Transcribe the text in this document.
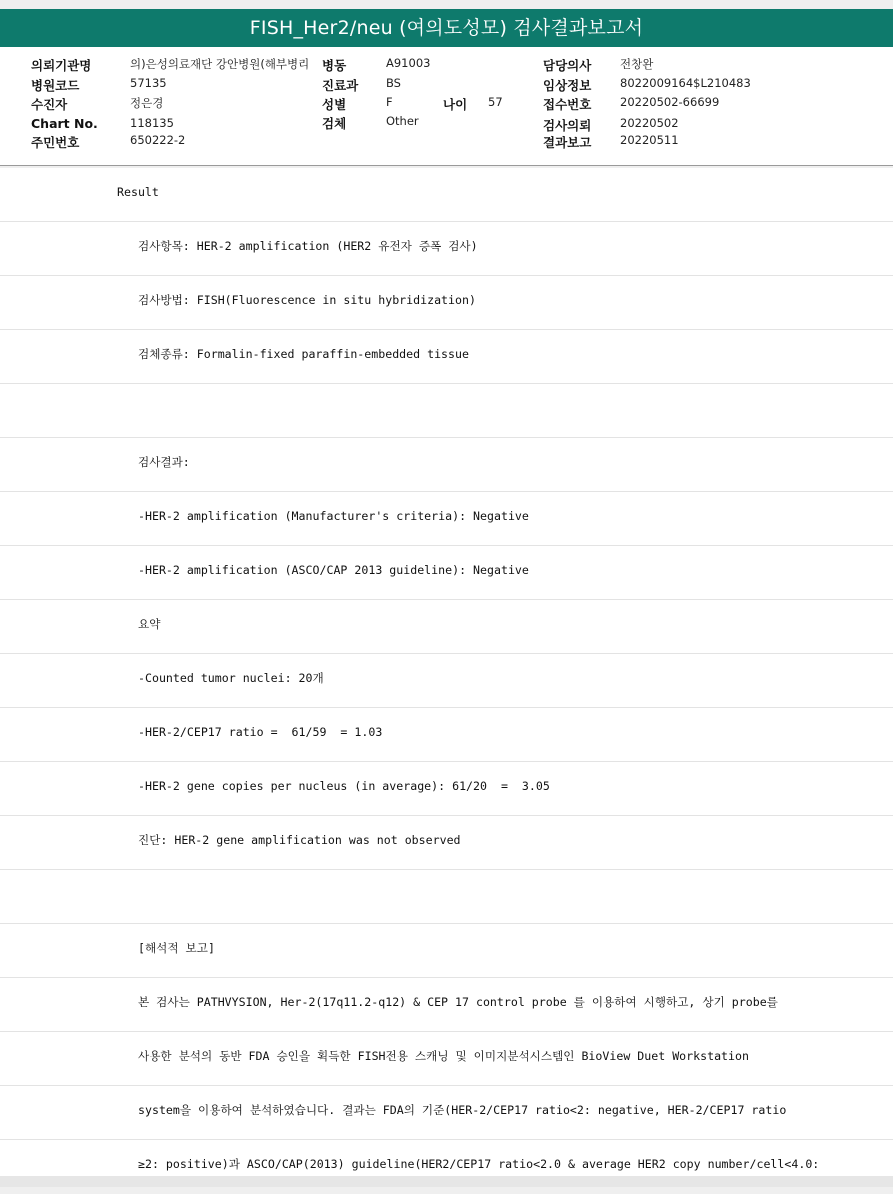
FISH_Her2/neu (여의도성모) 검사결과보고서
의뢰기관명	의)은성의료재단 강안병원(해부병리
병원코드	57135
수진자	정은경
Chart No.	118135
주민번호	650222-2
병동	A91003
진료과 BS
성별	F	나이 57
검체	Other
담당의사 전창완
임상정보 8022009164$L210483
접수번호 20220502-66699
검사의뢰 20220502
결과보고 20220511
Result
검사항목: HER-2 amplification (HER2 유전자 증폭 검사)
검사방법: FISH(Fluorescence in situ hybridization)
검체종류: Formalin-fixed paraffin-embedded tissue
검사결과:
-HER-2 amplification (Manufacturer's criteria): Negative
-HER-2 amplification (ASCO/CAP 2013 guideline): Negative
요약
-Counted tumor nuclei: 20개
-HER-2/CEP17 ratio =  61/59  = 1.03
-HER-2 gene copies per nucleus (in average): 61/20  =  3.05
진단: HER-2 gene amplification was not observed
[해석적 보고]
본 검사는 PATHVYSION, Her-2(17q11.2-q12) & CEP 17 control probe 를 이용하여 시행하고, 상기 probe를
사용한 분석의 동반 FDA 승인을 획득한 FISH전용 스캐닝 및 이미지분석시스템인 BioView Duet Workstation
system을 이용하여 분석하였습니다. 결과는 FDA의 기준(HER-2/CEP17 ratio<2: negative, HER-2/CEP17 ratio
≥2: positive)과 ASCO/CAP(2013) guideline(HER2/CEP17 ratio<2.0 & average HER2 copy number/cell<4.0:
